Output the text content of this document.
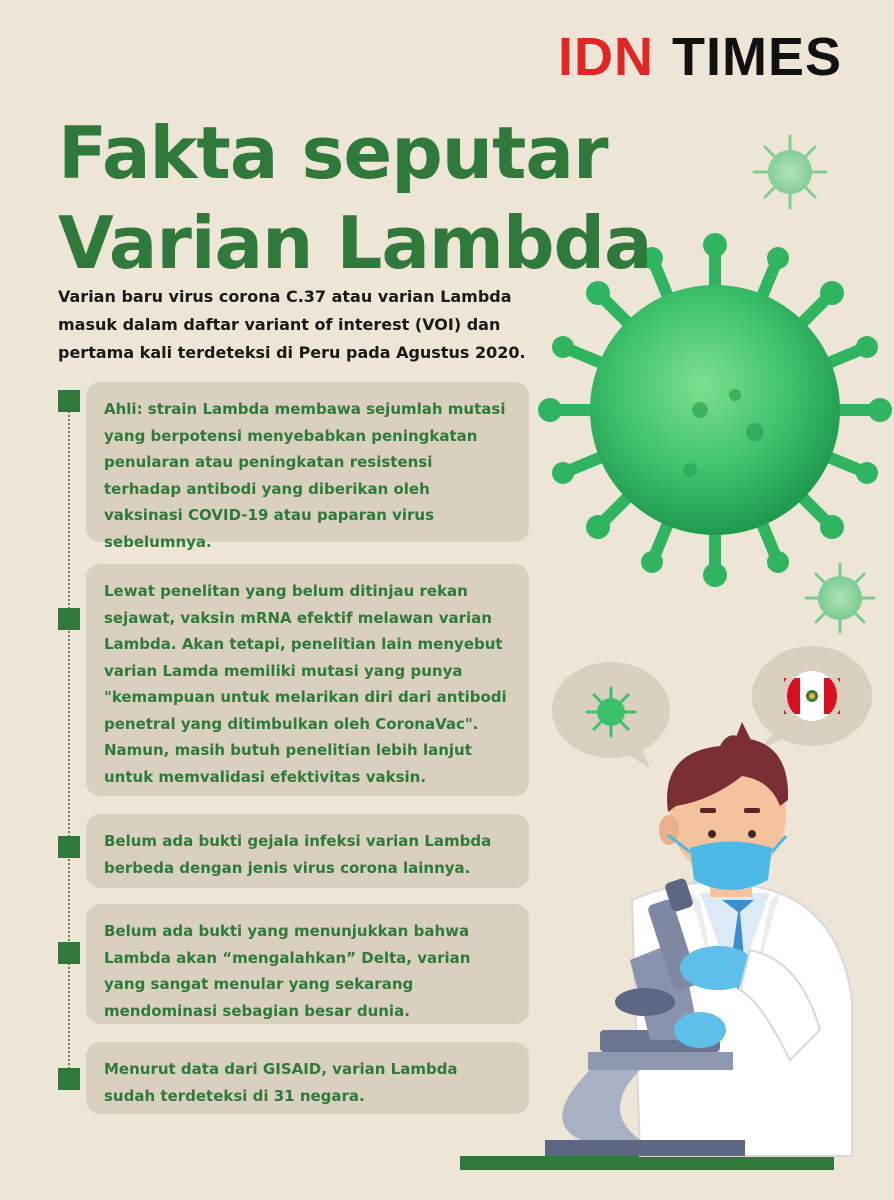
IDN TIMES
Fakta seputar
Varian Lambda

Varian baru virus corona C.37 atau varian Lambda masuk dalam daftar variant of interest (VOI) dan pertama kali terdeteksi di Peru pada Agustus 2020.

Ahli: strain Lambda membawa sejumlah mutasi yang berpotensi menyebabkan peningkatan penularan atau peningkatan resistensi terhadap antibodi yang diberikan oleh vaksinasi COVID-19 atau paparan virus sebelumnya.
Lewat penelitan yang belum ditinjau rekan sejawat, vaksin mRNA efektif melawan varian Lambda. Akan tetapi, penelitian lain menyebut varian Lamda memiliki mutasi yang punya "kemampuan untuk melarikan diri dari antibodi penetral yang ditimbulkan oleh CoronaVac". Namun, masih butuh penelitian lebih lanjut untuk memvalidasi efektivitas vaksin.
Belum ada bukti gejala infeksi varian Lambda berbeda dengan jenis virus corona lainnya.
Belum ada bukti yang menunjukkan bahwa Lambda akan “mengalahkan” Delta, varian yang sangat menular yang sekarang mendominasi sebagian besar dunia.
Menurut data dari GISAID, varian Lambda sudah terdeteksi di 31 negara.
